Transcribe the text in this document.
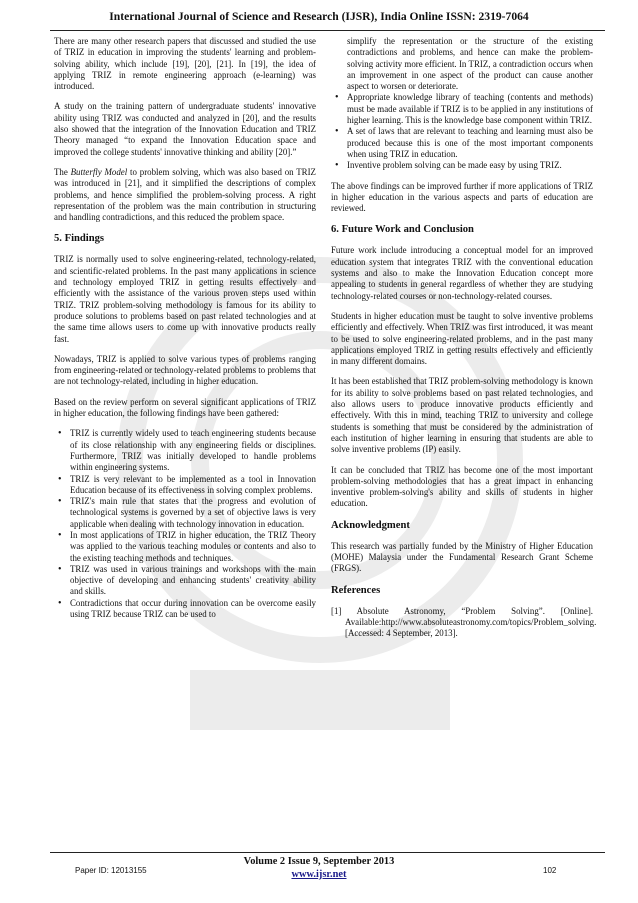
International Journal of Science and Research (IJSR), India Online ISSN: 2319-7064

There are many other research papers that discussed and studied the use of TRIZ in education in improving the students' learning and problem-solving ability, which include [19], [20], [21]. In [19], the idea of applying TRIZ in remote engineering approach (e-learning) was introduced.

A study on the training pattern of undergraduate students' innovative ability using TRIZ was conducted and analyzed in [20], and the results also showed that the integration of the Innovation Education and TRIZ Theory managed “to expand the Innovation Education space and improved the college students' innovative thinking and ability [20].”

The Butterfly Model to problem solving, which was also based on TRIZ was introduced in [21], and it simplified the descriptions of complex problems, and hence simplified the problem-solving process. A right representation of the problem was the main contribution in structuring and handling contradictions, and this reduced the problem space.

5. Findings

TRIZ is normally used to solve engineering-related, technology-related, and scientific-related problems. In the past many applications in science and technology employed TRIZ in getting results effectively and efficiently with the assistance of the various proven steps used within TRIZ. TRIZ problem-solving methodology is famous for its ability to produce solutions to problems based on past related technologies and at the same time allows users to come up with innovative products really fast.

Nowadays, TRIZ is applied to solve various types of problems ranging from engineering-related or technology-related problems to problems that are not technology-related, including in higher education.

Based on the review perform on several significant applications of TRIZ in higher education, the following findings have been gathered:

• TRIZ is currently widely used to teach engineering students because of its close relationship with any engineering fields or disciplines. Furthermore, TRIZ was initially developed to handle problems within engineering systems.
• TRIZ is very relevant to be implemented as a tool in Innovation Education because of its effectiveness in solving complex problems.
• TRIZ's main rule that states that the progress and evolution of technological systems is governed by a set of objective laws is very applicable when dealing with technology innovation in education.
• In most applications of TRIZ in higher education, the TRIZ Theory was applied to the various teaching modules or contents and also to the existing teaching methods and techniques.
• TRIZ was used in various trainings and workshops with the main objective of developing and enhancing students' creativity ability and skills.
• Contradictions that occur during innovation can be overcome easily using TRIZ because TRIZ can be used to
simplify the representation or the structure of the existing contradictions and problems, and hence can make the problem-solving activity more efficient. In TRIZ, a contradiction occurs when an improvement in one aspect of the product can cause another aspect to worsen or deteriorate.
• Appropriate knowledge library of teaching (contents and methods) must be made available if TRIZ is to be applied in any institutions of higher learning. This is the knowledge base component within TRIZ.
• A set of laws that are relevant to teaching and learning must also be produced because this is one of the most important components when using TRIZ in education.
• Inventive problem solving can be made easy by using TRIZ.

The above findings can be improved further if more applications of TRIZ in higher education in the various aspects and parts of education are reviewed.

6. Future Work and Conclusion

Future work include introducing a conceptual model for an improved education system that integrates TRIZ with the conventional education systems and also to make the Innovation Education concept more appealing to students in general regardless of whether they are studying technology-related courses or non-technology-related courses.

Students in higher education must be taught to solve inventive problems efficiently and effectively. When TRIZ was first introduced, it was meant to be used to solve engineering-related problems, and in the past many applications employed TRIZ in getting results effectively and efficiently in many different domains.

It has been established that TRIZ problem-solving methodology is known for its ability to solve problems based on past related technologies, and also allows users to produce innovative products efficiently and effectively. With this in mind, teaching TRIZ to university and college students is something that must be considered by the administration of each institution of higher learning in ensuring that students are able to solve inventive problems (IP) easily.

It can be concluded that TRIZ has become one of the most important problem-solving methodologies that has a great impact in enhancing inventive problem-solving's ability and skills of students in higher education.

Acknowledgment

This research was partially funded by the Ministry of Higher Education (MOHE) Malaysia under the Fundamental Research Grant Scheme (FRGS).

References

[1] Absolute Astronomy, “Problem Solving”. [Online]. Available:http://www.absoluteastronomy.com/topics/Problem_solving. [Accessed: 4 September, 2013].

Volume 2 Issue 9, September 2013
www.ijsr.net
Paper ID: 12013155	102
